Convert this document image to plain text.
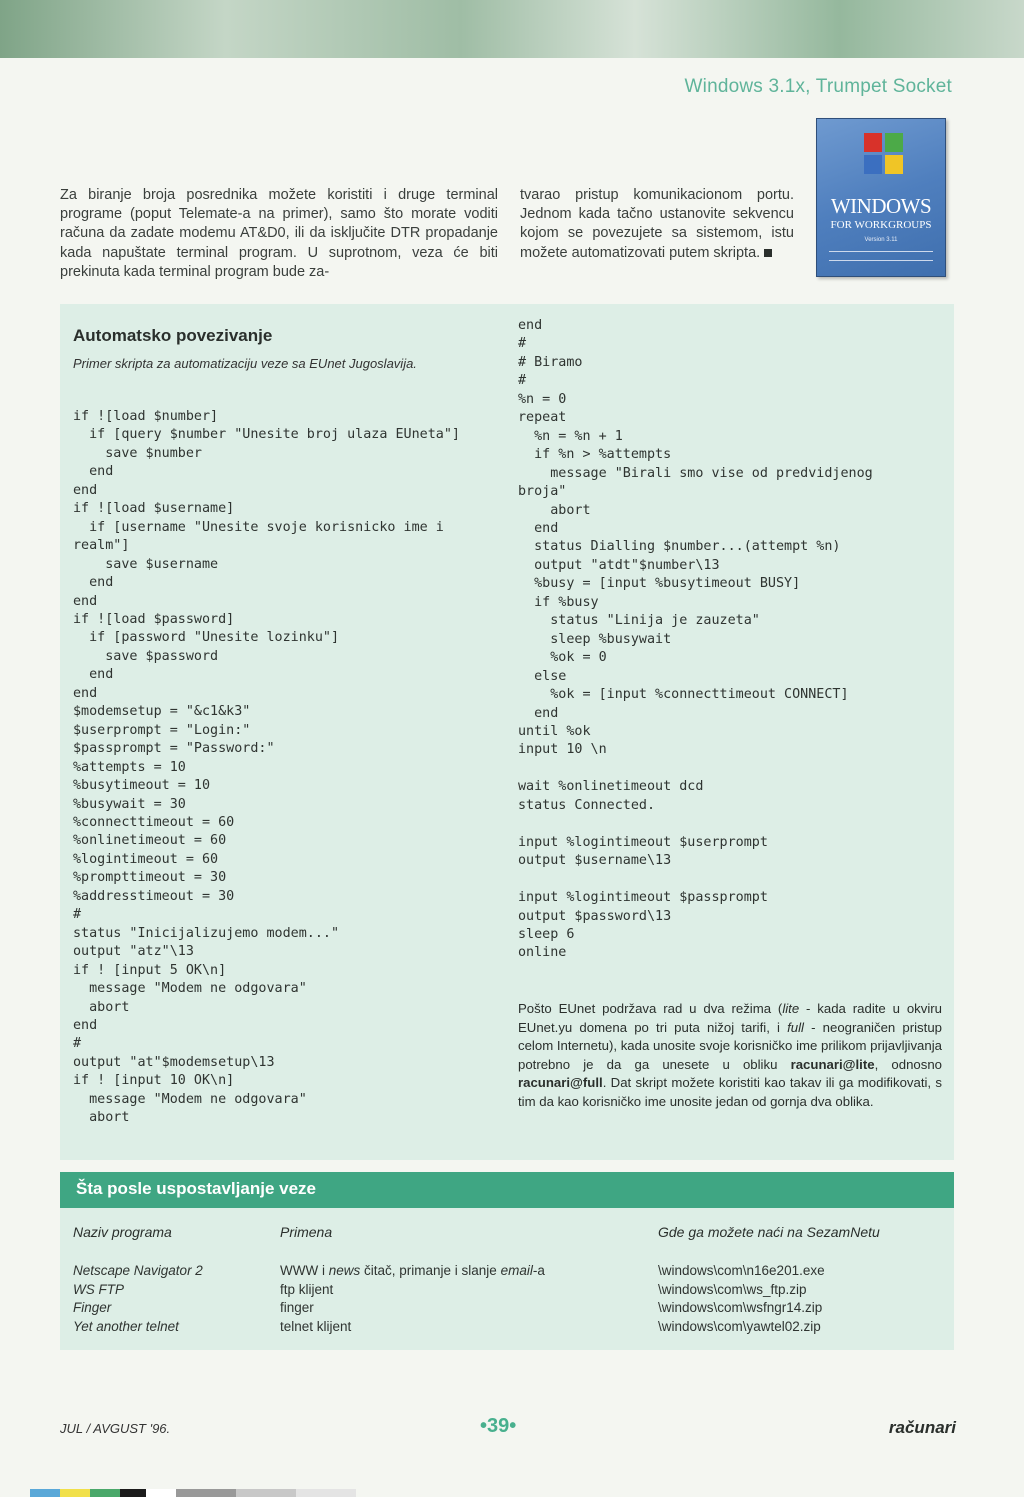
Windows 3.1x, Trumpet Socket
WINDOWS
FOR WORKGROUPS
Version 3.11
Za biranje broja posrednika možete koristiti i druge terminal programe (poput Telemate-a na primer), samo što morate voditi računa da zadate modemu AT&D0, ili da isključite DTR propadanje kada napuštate terminal program. U suprotnom, veza će biti prekinuta kada terminal program bude za-
tvarao pristup komunikacionom portu. Jednom kada tačno ustanovite sekvencu kojom se povezujete sa sistemom, istu možete automatizovati putem skripta.
Automatsko povezivanje
Primer skripta za automatizaciju veze sa EUnet Jugoslavija.
if ![load $number]
if [query $number "Unesite broj ulaza EUneta"]
save $number
end
end
if ![load $username]
if [username "Unesite svoje korisnicko ime i
realm"]
save $username
end
end
if ![load $password]
if [password "Unesite lozinku"]
save $password
end
end
$modemsetup = "&c1&k3"
$userprompt = "Login:"
$passprompt = "Password:"
%attempts = 10
%busytimeout = 10
%busywait = 30
%connecttimeout = 60
%onlinetimeout = 60
%logintimeout = 60
%prompttimeout = 30
%addresstimeout = 30
#
status "Inicijalizujemo modem..."
output "atz"\13
if ! [input 5 OK\n]
message "Modem ne odgovara"
abort
end
#
output "at"$modemsetup\13
if ! [input 10 OK\n]
message "Modem ne odgovara"
abort
end
#
# Biramo
#
%n = 0
repeat
%n = %n + 1
if %n > %attempts
message "Birali smo vise od predvidjenog
broja"
abort
end
status Dialling $number...(attempt %n)
output "atdt"$number\13
%busy = [input %busytimeout BUSY]
if %busy
status "Linija je zauzeta"
sleep %busywait
%ok = 0
else
%ok = [input %connecttimeout CONNECT]
end
until %ok
input 10 \n

wait %onlinetimeout dcd
status Connected.

input %logintimeout $userprompt
output $username\13

input %logintimeout $passprompt
output $password\13
sleep 6
online
Pošto EUnet podržava rad u dva režima (lite - kada radite u okviru EUnet.yu domena po tri puta nižoj tarifi, i full - neograničen pristup celom Internetu), kada unosite svoje korisničko ime prilikom prijavljivanja potrebno je da ga unesete u obliku racunari@lite, odnosno racunari@full. Dat skript možete koristiti kao takav ili ga modifikovati, s tim da kao korisničko ime unosite jedan od gornja dva oblika.
Šta posle uspostavljanje veze
Naziv programa	Primena	Gde ga možete naći na SezamNetu
Netscape Navigator 2	WWW i news čitač, primanje i slanje email-a	\windows\com\n16e201.exe
WS FTP	ftp klijent	\windows\com\ws_ftp.zip
Finger	finger	\windows\com\wsfngr14.zip
Yet another telnet	telnet klijent	\windows\com\yawtel02.zip
JUL / AVGUST '96.	•39•	računari
